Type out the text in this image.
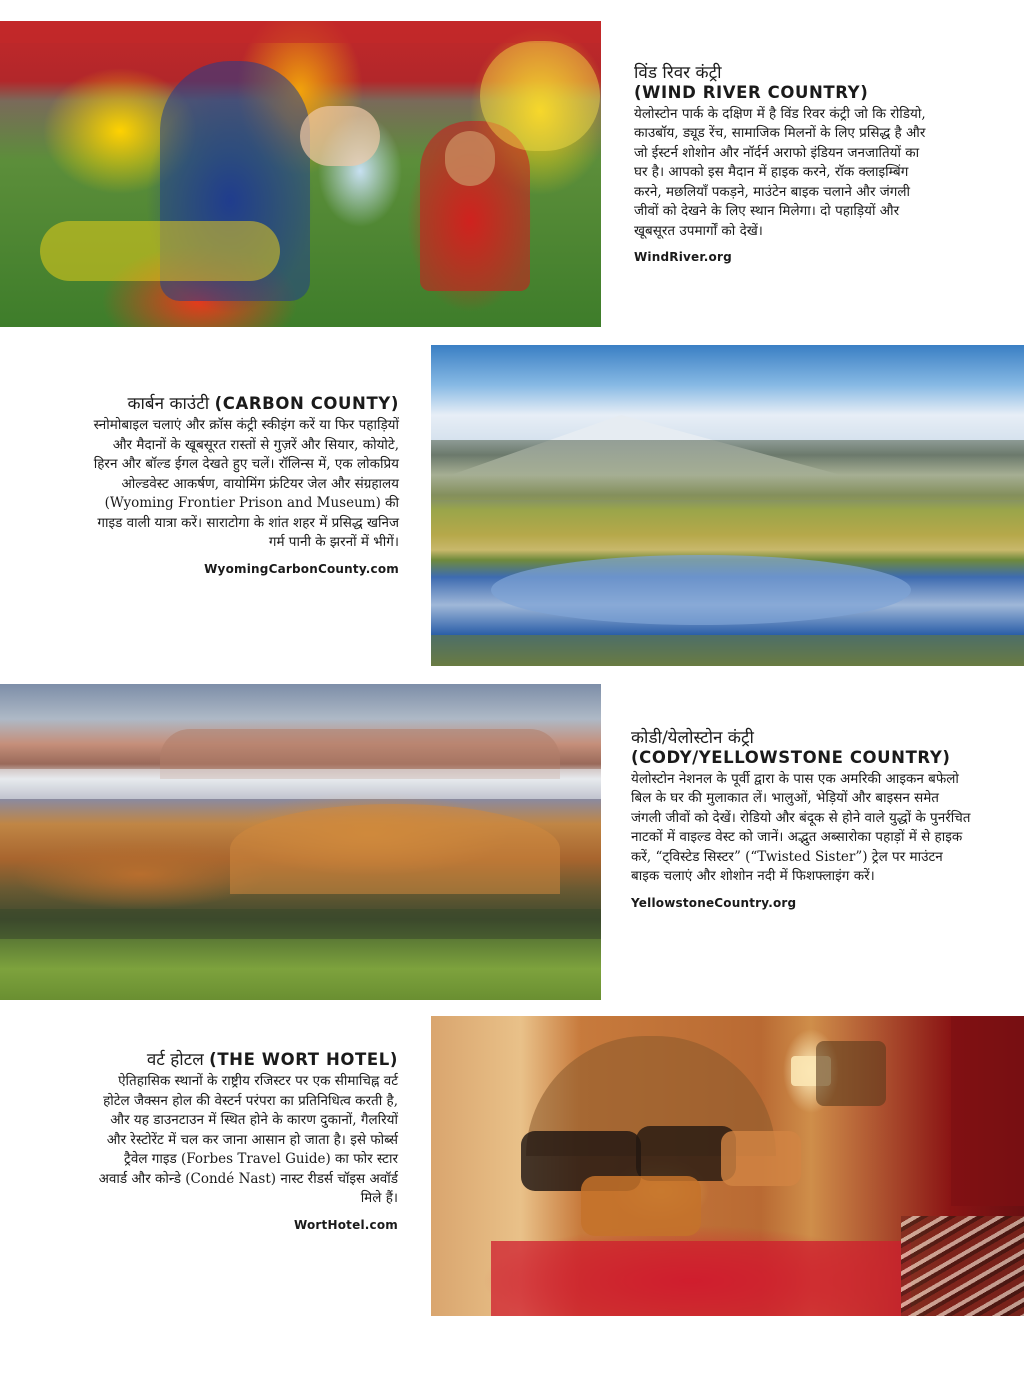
विंड रिवर कंट्री
(WIND RIVER COUNTRY)
येलोस्टोन पार्क के दक्षिण में है विंड रिवर कंट्री जो कि रोडियो, काउबॉय, ड्यूड रेंच, सामाजिक मिलनों के लिए प्रसिद्ध है और जो ईस्टर्न शोशोन और नॉर्दर्न अराफो इंडियन जनजातियों का घर है। आपको इस मैदान में हाइक करने, रॉक क्लाइम्बिंग करने, मछलियाँ पकड़ने, माउंटेन बाइक चलाने और जंगली जीवों को देखने के लिए स्थान मिलेगा। दो पहाड़ियों और खूबसूरत उपमार्गों को देखें।
WindRiver.org
कार्बन काउंटी (CARBON COUNTY)
स्नोमोबाइल चलाएं और क्रॉस कंट्री स्कीइंग करें या फिर पहाड़ियों और मैदानों के खूबसूरत रास्तों से गुज़रें और सियार, कोयोटे, हिरन और बॉल्ड ईगल देखते हुए चलें। रॉलिन्स में, एक लोकप्रिय ओल्डवेस्ट आकर्षण, वायोमिंग फ्रंटियर जेल और संग्रहालय (Wyoming Frontier Prison and Museum) की गाइड वाली यात्रा करें। साराटोगा के शांत शहर में प्रसिद्ध खनिज गर्म पानी के झरनों में भीगें।
WyomingCarbonCounty.com
कोडी/येलोस्टोन कंट्री
(CODY/YELLOWSTONE COUNTRY)
येलोस्टोन नेशनल के पूर्वी द्वारा के पास एक अमरिकी आइकन बफेलो बिल के घर की मुलाकात लें। भालुओं, भेड़ियों और बाइसन समेत जंगली जीवों को देखें। रोडियो और बंदूक से होने वाले युद्धों के पुनर्रचित नाटकों में वाइल्ड वेस्ट को जानें। अद्भुत अब्सारोका पहाड़ों में से हाइक करें, “ट्विस्टेड सिस्टर” (“Twisted Sister”) ट्रेल पर माउंटन बाइक चलाएं और शोशोन नदी में फिशफ्लाइंग करें।
YellowstoneCountry.org
वर्ट होटल (THE WORT HOTEL)
ऐतिहासिक स्थानों के राष्ट्रीय रजिस्टर पर एक सीमाचिह्न वर्ट होटेल जैक्सन होल की वेस्टर्न परंपरा का प्रतिनिधित्व करती है, और यह डाउनटाउन में स्थित होने के कारण दुकानों, गैलरियों और रेस्टोरेंट में चल कर जाना आसान हो जाता है। इसे फोर्ब्स ट्रैवेल गाइड (Forbes Travel Guide) का फोर स्टार अवार्ड और कोन्डे (Condé Nast) नास्ट रीडर्स चॉइस अवॉर्ड मिले हैं।
WortHotel.com
